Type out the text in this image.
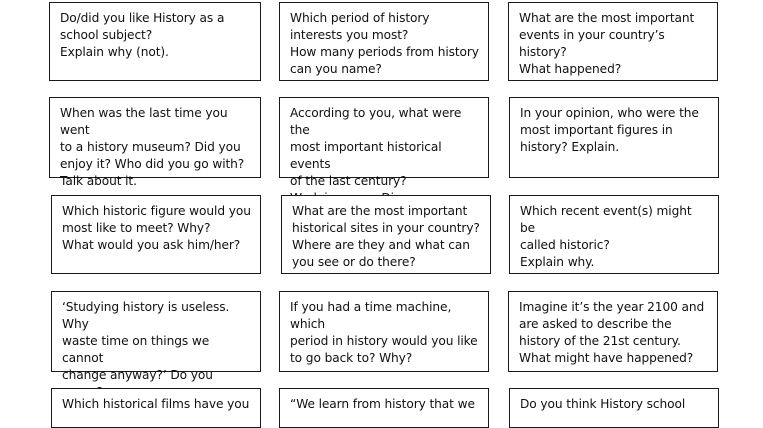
Do/did you like History as a
school subject?
Explain why (not).
Which period of history
interests you most?
How many periods from history
can you name?
What are the most important
events in your country’s history?
What happened?
When was the last time you went
to a history museum? Did you
enjoy it? Who did you go with?
Talk about it.
According to you, what were the
most important historical events
of the last century?

In your opinion, who were the
most important figures in
history? Explain.
Which historic figure would you
most like to meet? Why?
What would you ask him/her?
What are the most important
historical sites in your country?
Where are they and what can
you see or do there?
Which recent event(s) might be
called historic?
Explain why.
‘Studying history is useless. Why
waste time on things we cannot
change anyway?’ Do you
If you had a time machine, which
period in history would you like
to go back to? Why?
Imagine it’s the year 2100 and
are asked to describe the
history of the 21st century.
What might have happened?
Which historical films have you	“We learn from history that we	Do you think History school
